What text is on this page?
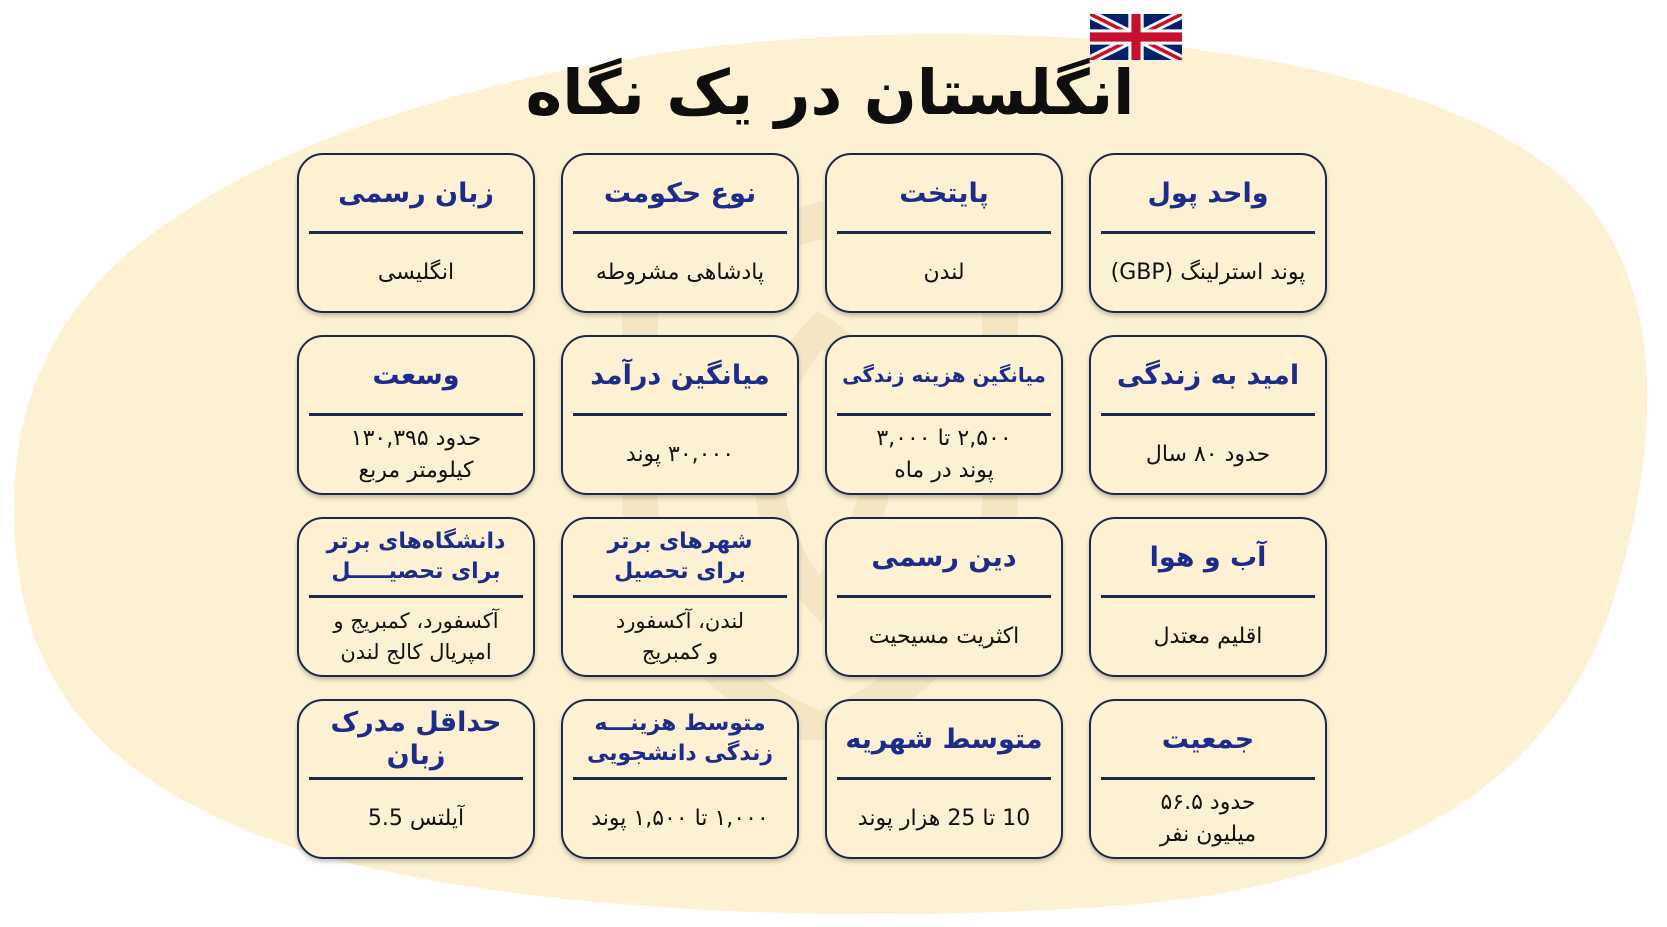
انگلستان در یک نگاه
واحد پول
پوند استرلینگ (GBP)
پایتخت
لندن
نوع حکومت
پادشاهی مشروطه
زبان رسمی
انگلیسی
امید به زندگی
حدود ۸۰ سال
میانگین هزینه زندگی
۲,۵۰۰ تا ۳,۰۰۰
پوند در ماه
میانگین درآمد
۳۰,۰۰۰ پوند
وسعت
حدود ۱۳۰,۳۹۵
کیلومتر مربع
آب و هوا
اقلیم معتدل
دین رسمی
اکثریت مسیحیت
شهرهای برتر
برای تحصیل
لندن، آکسفورد
و کمبریج
دانشگاه‌های برتر
برای تحصیـــــل
آکسفورد، کمبریج و
امپریال کالج لندن
جمعیت
حدود ۵۶.۵
میلیون نفر
متوسط شهریه
10 تا 25 هزار پوند
متوسط هزینـــه
زندگی دانشجویی
۱,۰۰۰ تا ۱,۵۰۰ پوند
حداقل مدرک زبان
آیلتس 5.5
